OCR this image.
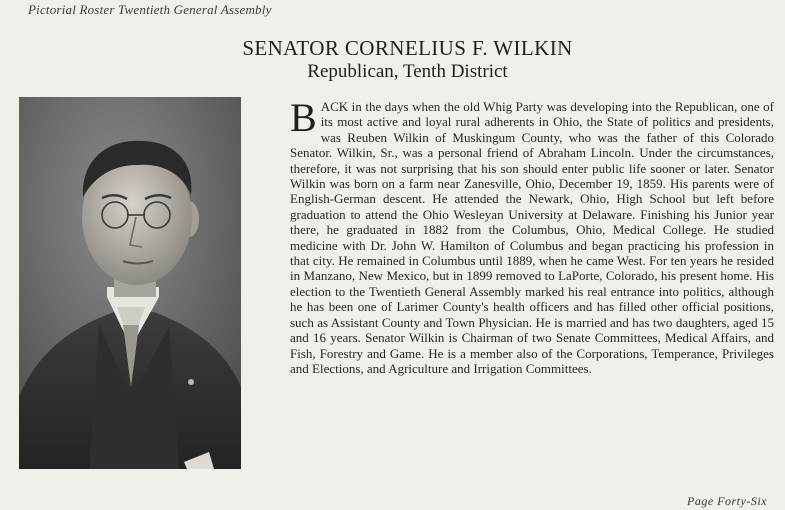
Pictorial Roster Twentieth General Assembly
SENATOR CORNELIUS F. WILKIN
Republican, Tenth District
BACK in the days when the old Whig Party was developing into the Republican, one of its most active and loyal rural adherents in Ohio, the State of politics and presidents, was Reuben Wilkin of Muskingum County, who was the father of this Colorado Senator. Wilkin, Sr., was a personal friend of Abraham Lincoln. Under the circumstances, therefore, it was not surprising that his son should enter public life sooner or later. Senator Wilkin was born on a farm near Zanesville, Ohio, December 19, 1859. His parents were of English-German descent. He attended the Newark, Ohio, High School but left before graduation to attend the Ohio Wesleyan University at Delaware. Finishing his Junior year there, he graduated in 1882 from the Columbus, Ohio, Medical College. He studied medicine with Dr. John W. Hamilton of Columbus and began practicing his profession in that city. He remained in Columbus until 1889, when he came West. For ten years he resided in Manzano, New Mexico, but in 1899 removed to LaPorte, Colorado, his present home. His election to the Twentieth General Assembly marked his real entrance into politics, although he has been one of Larimer County's health officers and has filled other official positions, such as Assistant County and Town Physician. He is married and has two daughters, aged 15 and 16 years. Senator Wilkin is Chairman of two Senate Committees, Medical Affairs, and Fish, Forestry and Game. He is a member also of the Corporations, Temperance, Privileges and Elections, and Agriculture and Irrigation Committees.
Page Forty-Six
